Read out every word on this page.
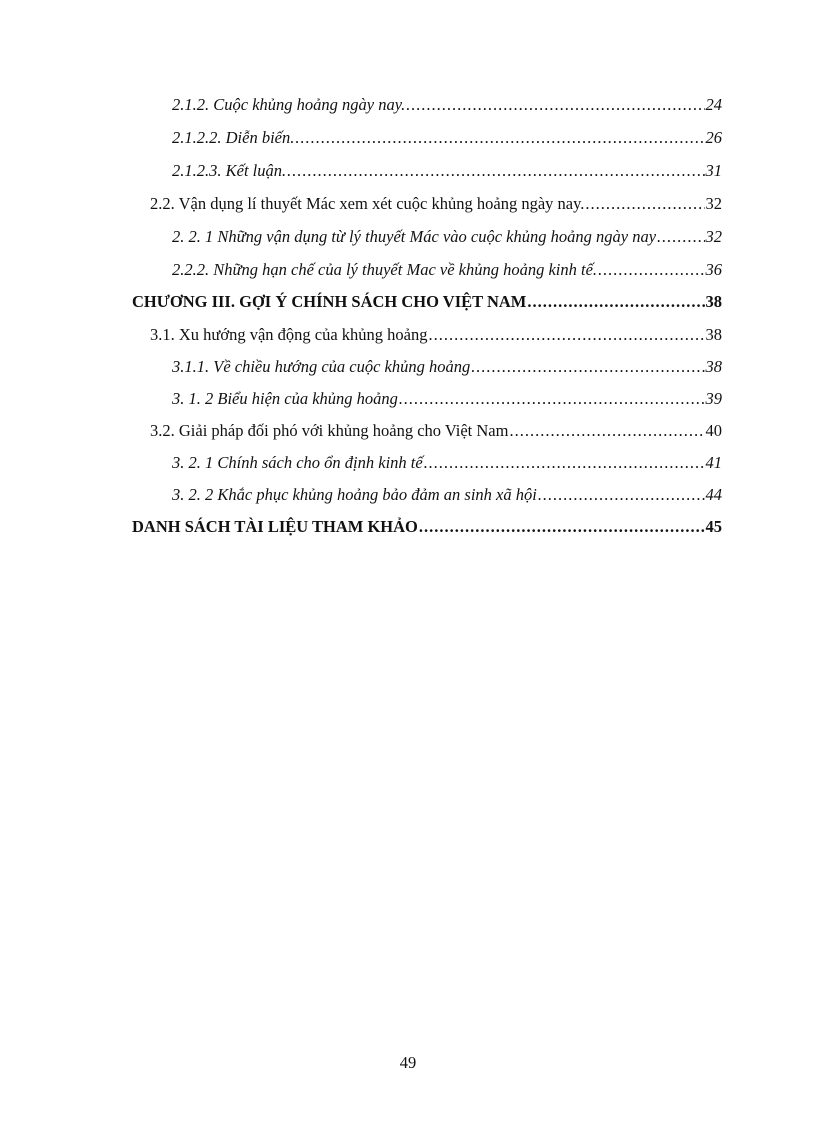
2.1.2. Cuộc khủng hoảng ngày nay. .....	24
2.1.2.2. Diễn biến. .....	26
2.1.2.3. Kết luận. .....	31
2.2. Vận dụng lí thuyết Mác xem xét cuộc khủng hoảng ngày nay. .....	32
2. 2. 1 Những vận dụng từ lý thuyết Mác vào cuộc khủng hoảng ngày nay .....	32
2.2.2. Những hạn chế của lý thuyết Mac về khủng hoảng kinh tế. .....	36
CHƯƠNG III. GỢI Ý CHÍNH SÁCH CHO VIỆT NAM .....	38
3.1. Xu hướng vận động của khủng hoảng .....	38
3.1.1. Về chiều hướng của cuộc khủng hoảng .....	38
3. 1. 2 Biểu hiện của khủng hoảng .....	39
3.2. Giải pháp đối phó với khủng hoảng cho Việt Nam .....	40
3. 2. 1 Chính sách cho ổn định kinh tế .....	41
3. 2. 2 Khắc phục khủng hoảng bảo đảm an sinh xã hội .....	44
DANH SÁCH TÀI LIỆU THAM KHẢO .....	45
49
